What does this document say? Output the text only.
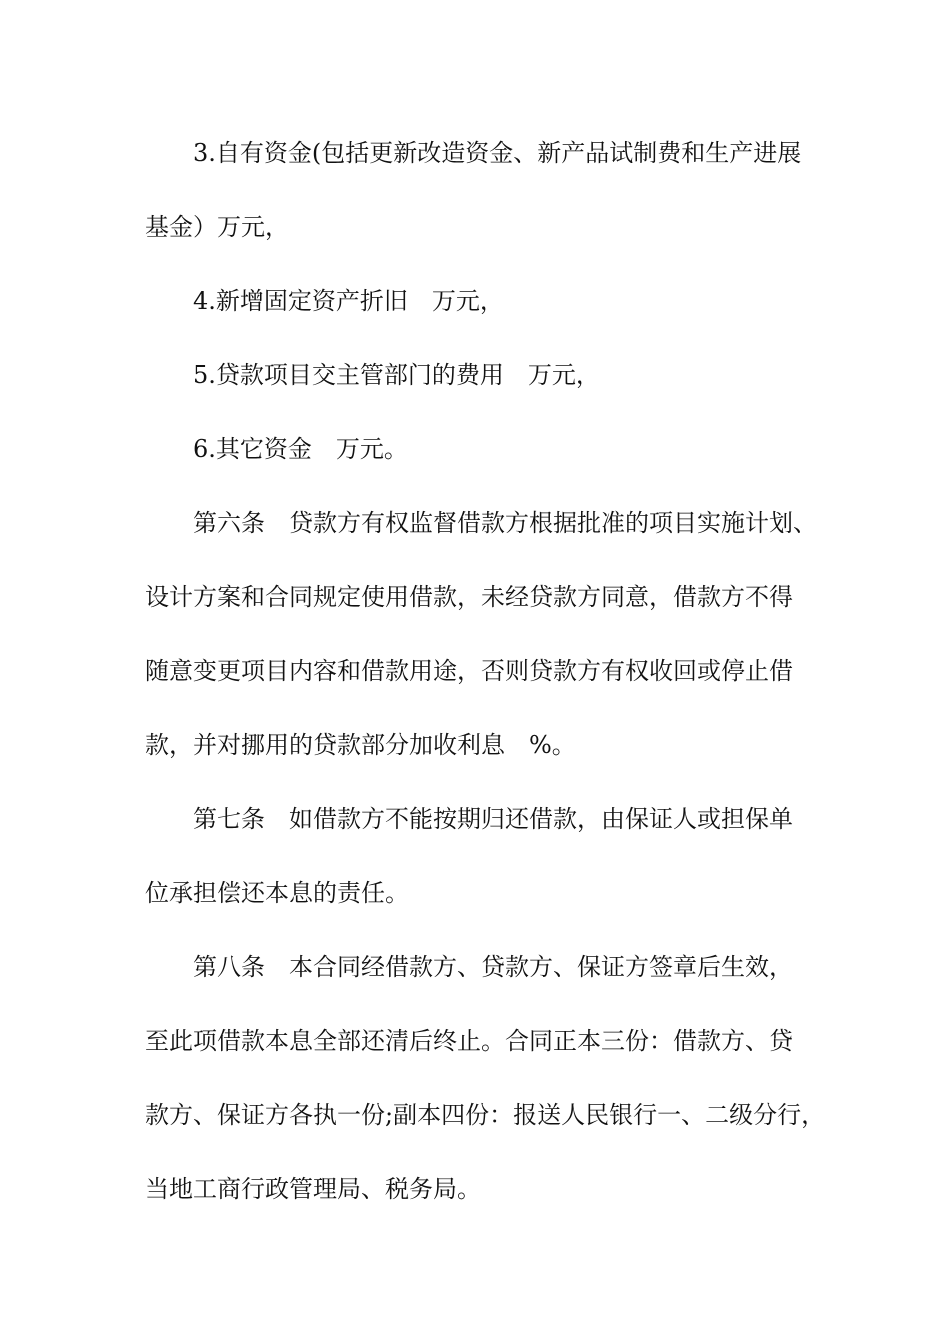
3.自有资金(包括更新改造资金、新产品试制费和生产进展
基金）万元，
4.新增固定资产折旧　万元，
5.贷款项目交主管部门的费用　万元，
6.其它资金　万元。
第六条　贷款方有权监督借款方根据批准的项目实施计划、
设计方案和合同规定使用借款，未经贷款方同意，借款方不得
随意变更项目内容和借款用途，否则贷款方有权收回或停止借
款，并对挪用的贷款部分加收利息　%。
第七条　如借款方不能按期归还借款，由保证人或担保单
位承担偿还本息的责任。
第八条　本合同经借款方、贷款方、保证方签章后生效，
至此项借款本息全部还清后终止。合同正本三份：借款方、贷
款方、保证方各执一份;副本四份：报送人民银行一、二级分行，
当地工商行政管理局、税务局。
